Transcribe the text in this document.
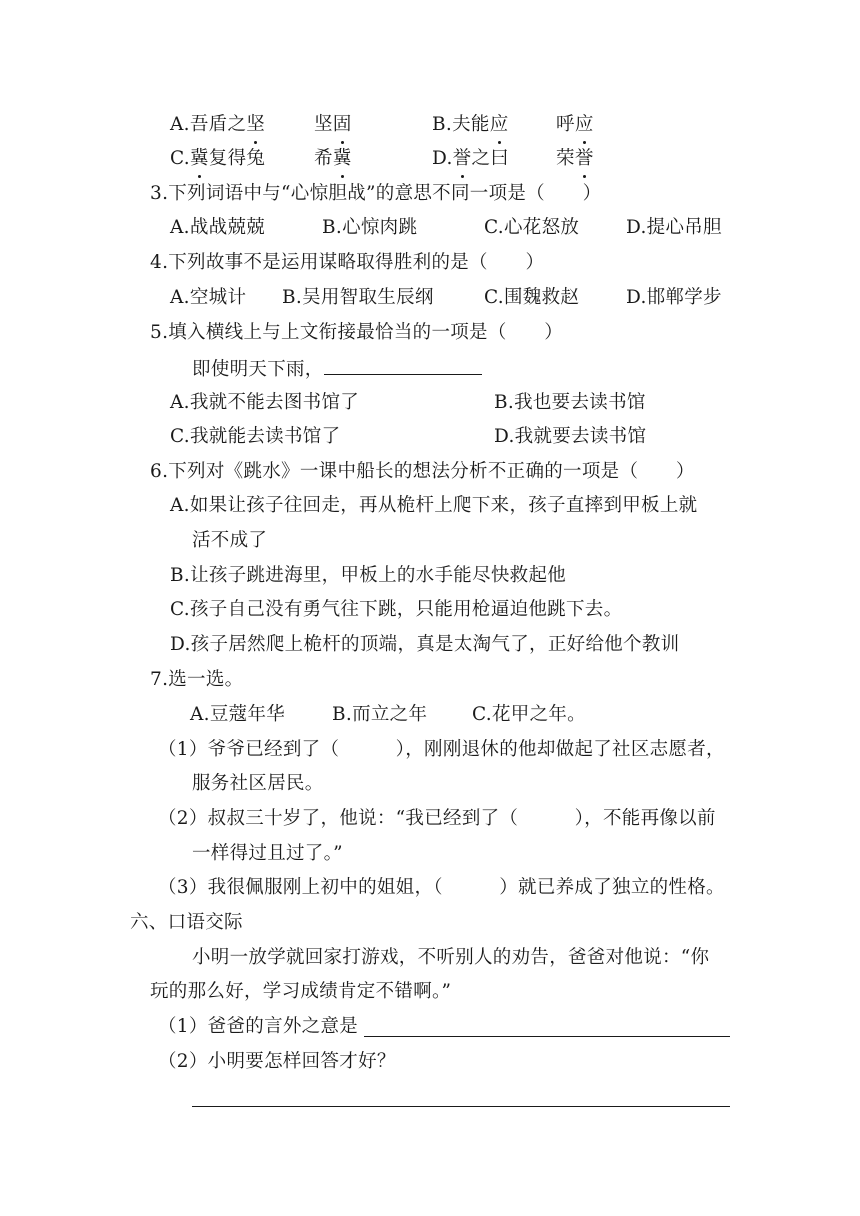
A.吾盾之坚	坚固	B.夫能应	呼应
C.冀复得兔	希冀	D.誉之曰	荣誉
3.下列词语中与“心惊胆战”的意思不同一项是（　　）
A.战战兢兢	B.心惊肉跳	C.心花怒放	D.提心吊胆
4.下列故事不是运用谋略取得胜利的是（　　）
A.空城计 B.吴用智取生辰纲	C.围魏救赵	D.邯郸学步
5.填入横线上与上文衔接最恰当的一项是（　　）
即使明天下雨，
A.我就不能去图书馆了	B.我也要去读书馆
C.我就能去读书馆了	D.我就要去读书馆
6.下列对《跳水》一课中船长的想法分析不正确的一项是（　　）
A.如果让孩子往回走，再从桅杆上爬下来，孩子直摔到甲板上就
活不成了
B.让孩子跳进海里，甲板上的水手能尽快救起他
C.孩子自己没有勇气往下跳，只能用枪逼迫他跳下去。
D.孩子居然爬上桅杆的顶端，真是太淘气了，正好给他个教训
7.选一选。
A.豆蔻年华	B.而立之年 C.花甲之年。
（1）爷爷已经到了（　　　），刚刚退休的他却做起了社区志愿者，
服务社区居民。
（2）叔叔三十岁了，他说：“我已经到了（　　　），不能再像以前
一样得过且过了。”
（3）我很佩服刚上初中的姐姐，（　　　）就已养成了独立的性格。
六、口语交际
小明一放学就回家打游戏，不听别人的劝告，爸爸对他说：“你
玩的那么好，学习成绩肯定不错啊。”
（1）爸爸的言外之意是
（2）小明要怎样回答才好？
